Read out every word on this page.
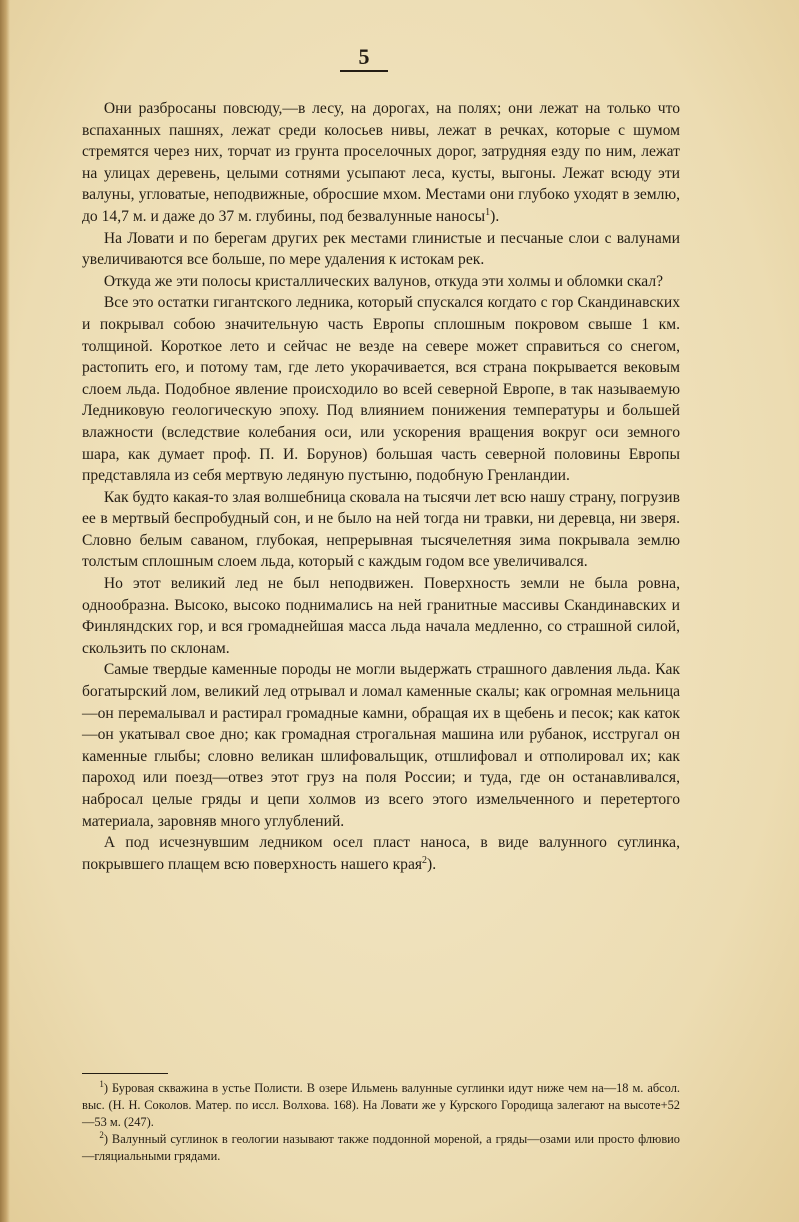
5

Они разбросаны повсюду,—в лесу, на дорогах, на полях; они лежат на только что вспаханных пашнях, лежат среди колосьев нивы, лежат в речках, которые с шумом стремятся через них, торчат из грунта проселочных дорог, затрудняя езду по ним, лежат на улицах деревень, целыми сотнями усыпают леса, кусты, выгоны. Лежат всюду эти валуны, угловатые, неподвижные, обросшие мхом. Местами они глубоко уходят в землю, до 14,7 м. и даже до 37 м. глубины, под безвалунные наносы$^1$).

На Ловати и по берегам других рек местами глинистые и песчаные слои с валунами увеличиваются все больше, по мере удаления к истокам рек.

Откуда же эти полосы кристаллических валунов, откуда эти холмы и обломки скал?

Все это остатки гигантского ледника, который спускался когдато с гор Скандинавских и покрывал собою значительную часть Европы сплошным покровом свыше 1 км. толщиной. Короткое лето и сейчас не везде на севере может справиться со снегом, растопить его, и потому там, где лето укорачивается, вся страна покрывается вековым слоем льда. Подобное явление происходило во всей северной Европе, в так называемую Ледниковую геологическую эпоху. Под влиянием понижения температуры и большей влажности (вследствие колебания оси, или ускорения вращения вокруг оси земного шара, как думает проф. П. И. Борунов) большая часть северной половины Европы представляла из себя мертвую ледяную пустыню, подобную Гренландии.

Как будто какая-то злая волшебница сковала на тысячи лет всю нашу страну, погрузив ее в мертвый беспробудный сон, и не было на ней тогда ни травки, ни деревца, ни зверя. Словно белым саваном, глубокая, непрерывная тысячелетняя зима покрывала землю толстым сплошным слоем льда, который с каждым годом все увеличивался.

Но этот великий лед не был неподвижен. Поверхность земли не была ровна, однообразна. Высоко, высоко поднимались на ней гранитные массивы Скандинавских и Финляндских гор, и вся громаднейшая масса льда начала медленно, со страшной силой, скользить по склонам.

Самые твердые каменные породы не могли выдержать страшного давления льда. Как богатырский лом, великий лед отрывал и ломал каменные скалы; как огромная мельница—он перемалывал и растирал громадные камни, обращая их в щебень и песок; как каток—он укатывал свое дно; как громадная строгальная машина или рубанок, исстругал он каменные глыбы; словно великан шлифовальщик, отшлифовал и отполировал их; как пароход или поезд—отвез этот груз на поля России; и туда, где он останавливался, набросал целые гряды и цепи холмов из всего этого измельченного и перетертого материала, заровняв много углублений.

А под исчезнувшим ледником осел пласт наноса, в виде валунного суглинка, покрывшего плащем всю поверхность нашего края$^2$).

$^1$) Буровая скважина в устье Полисти. В озере Ильмень валунные суглинки идут ниже чем на—18 м. абсол. выс. (Н. Н. Соколов. Матер. по иссл. Волхова. 168). На Ловати же у Курского Городища залегают на высоте+52—53 м. (247).

$^2$) Валунный суглинок в геологии называют также поддонной мореной, а гряды—озами или просто флювио—гляциальными грядами.
